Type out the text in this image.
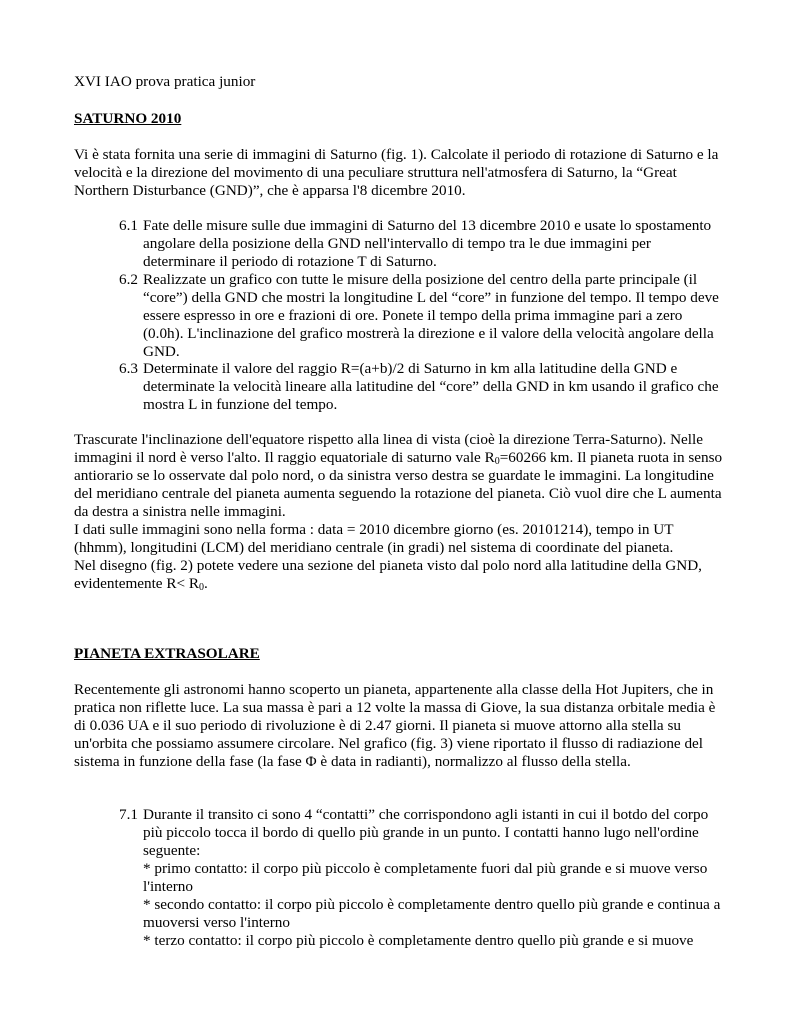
XVI IAO prova pratica junior

SATURNO 2010

Vi è stata fornita una serie di immagini di Saturno (fig. 1). Calcolate il periodo di rotazione di Saturno e la velocità e la direzione del movimento di una peculiare struttura nell'atmosfera di Saturno, la “Great Northern Disturbance (GND)”, che è apparsa l'8 dicembre 2010.

6.1 Fate delle misure sulle due immagini di Saturno del 13 dicembre 2010 e usate lo spostamento angolare della posizione della GND nell'intervallo di tempo tra le due immagini per determinare il periodo di rotazione T di Saturno.
6.2 Realizzate un grafico con tutte le misure della posizione del centro della parte principale (il “core”) della GND che mostri la longitudine L del “core” in funzione del tempo. Il tempo deve essere espresso in ore e frazioni di ore. Ponete il tempo della prima immagine pari a zero (0.0h). L'inclinazione del grafico mostrerà la direzione e il valore della velocità angolare della GND.
6.3 Determinate il valore del raggio R=(a+b)/2 di Saturno in km alla latitudine della GND e determinate la velocità lineare alla latitudine del “core” della GND in km usando il grafico che mostra L in funzione del tempo.

Trascurate l'inclinazione dell'equatore rispetto alla linea di vista (cioè la direzione Terra-Saturno). Nelle immagini il nord è verso l'alto. Il raggio equatoriale di saturno vale $R_0=60266$ km. Il pianeta ruota in senso antiorario se lo osservate dal polo nord, o da sinistra verso destra se guardate le immagini. La longitudine del meridiano centrale del pianeta aumenta seguendo la rotazione del pianeta. Ciò vuol dire che L aumenta da destra a sinistra nelle immagini.
I dati sulle immagini sono nella forma : data = 2010 dicembre giorno (es. 20101214), tempo in UT (hhmm), longitudini (LCM) del meridiano centrale (in gradi) nel sistema di coordinate del pianeta.
Nel disegno (fig. 2) potete vedere una sezione del pianeta visto dal polo nord alla latitudine della GND, evidentemente $R< R_0$.

PIANETA EXTRASOLARE

Recentemente gli astronomi hanno scoperto un pianeta, appartenente alla classe della Hot Jupiters, che in pratica non riflette luce. La sua massa è pari a 12 volte la massa di Giove, la sua distanza orbitale media è di 0.036 UA e il suo periodo di rivoluzione è di 2.47 giorni. Il pianeta si muove attorno alla stella su un'orbita che possiamo assumere circolare. Nel grafico (fig. 3) viene riportato il flusso di radiazione del sistema in funzione della fase (la fase Φ è data in radianti), normalizzo al flusso della stella.

7.1 Durante il transito ci sono 4 “contatti” che corrispondono agli istanti in cui il botdo del corpo più piccolo tocca il bordo di quello più grande in un punto. I contatti hanno lugo nell'ordine seguente:
* primo contatto: il corpo più piccolo è completamente fuori dal più grande e si muove verso l'interno
* secondo contatto: il corpo più piccolo è completamente dentro quello più grande e continua a muoversi verso l'interno
* terzo contatto: il corpo più piccolo è completamente dentro quello più grande e si muove
